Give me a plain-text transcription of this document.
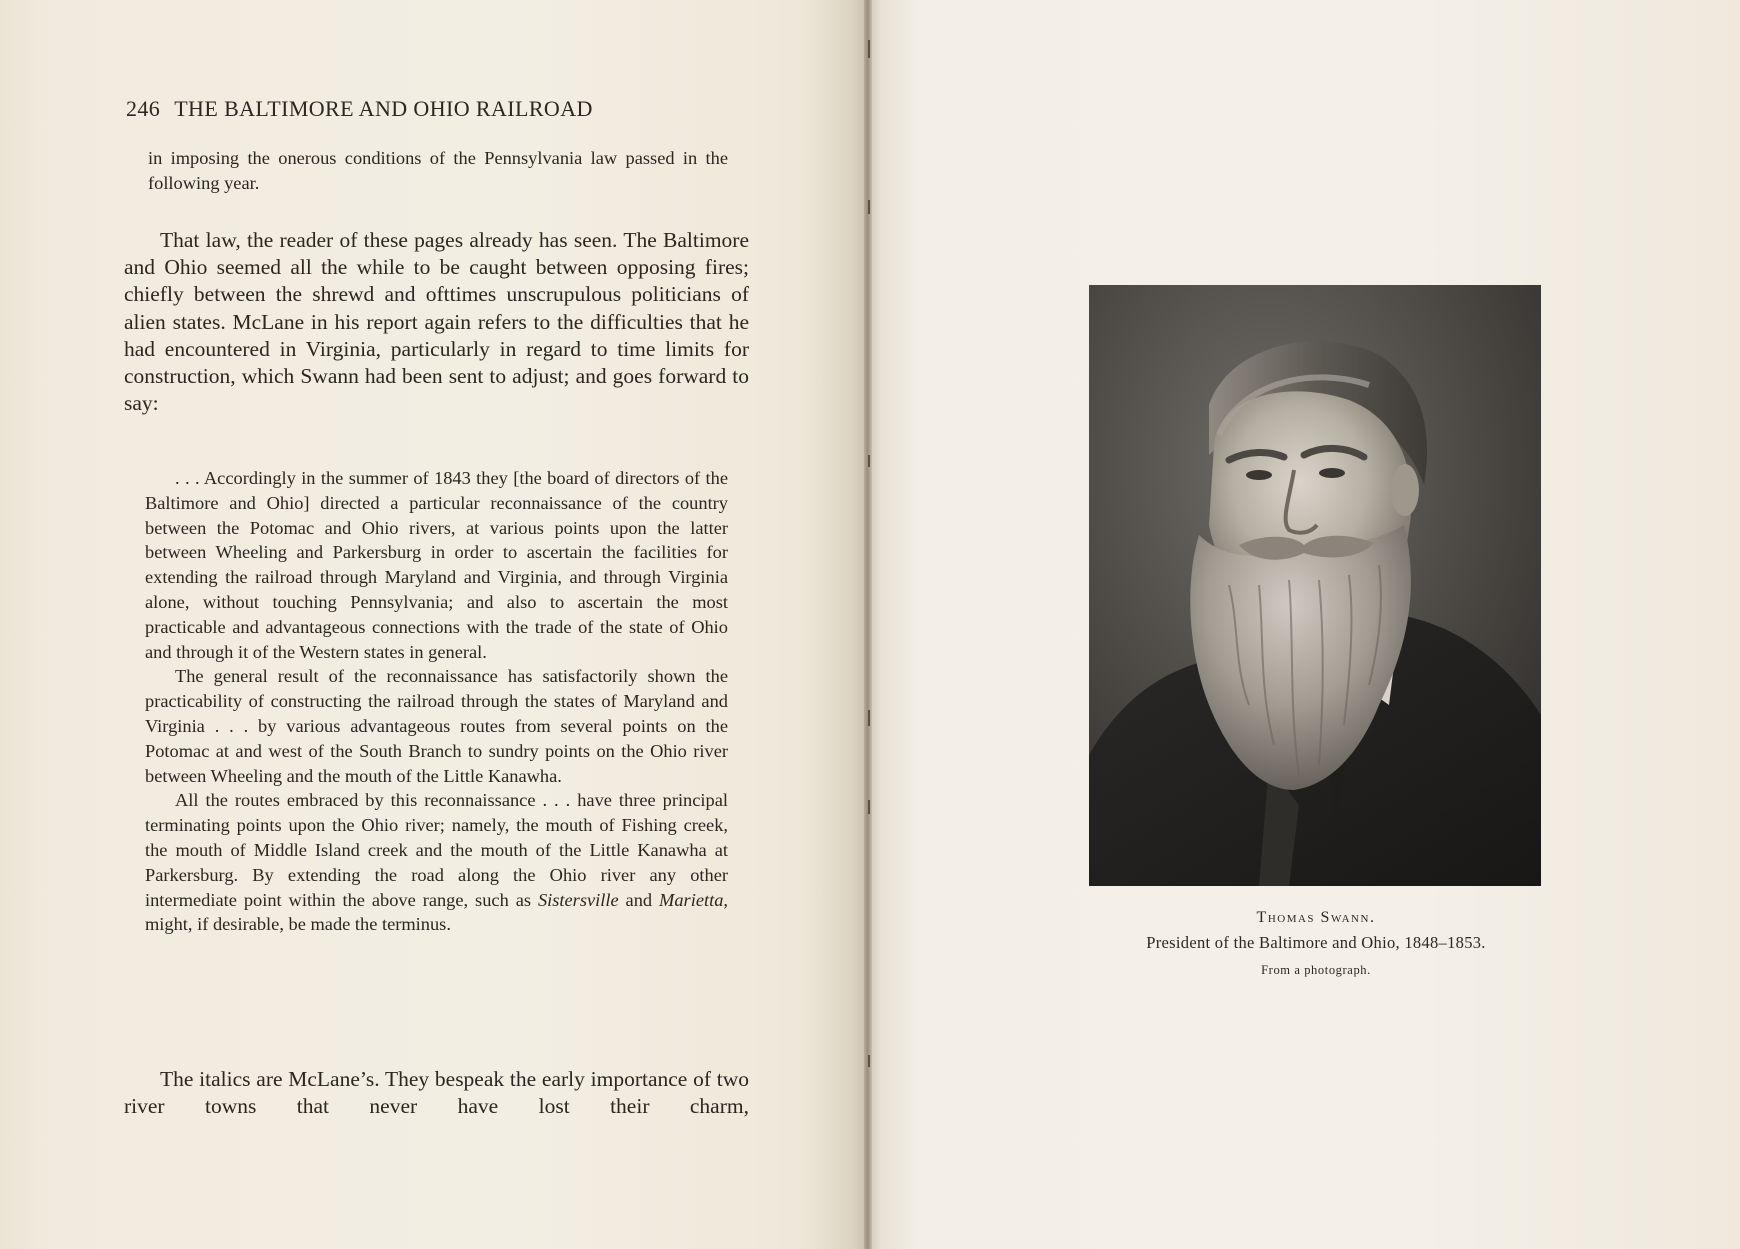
246 THE BALTIMORE AND OHIO RAILROAD
in imposing the onerous conditions of the Pennsylvania law passed in the following year.
That law, the reader of these pages already has seen. The Baltimore and Ohio seemed all the while to be caught between opposing fires; chiefly between the shrewd and ofttimes unscrupulous politicians of alien states. McLane in his report again refers to the difficulties that he had encountered in Virginia, particularly in regard to time limits for construction, which Swann had been sent to adjust; and goes forward to say:

. . . Accordingly in the summer of 1843 they [the board of directors of the Baltimore and Ohio] directed a particular reconnaissance of the country between the Potomac and Ohio rivers, at various points upon the latter between Wheeling and Parkersburg in order to ascertain the facilities for extending the railroad through Maryland and Virginia, and through Virginia alone, without touching Pennsylvania; and also to ascertain the most practicable and advantageous connections with the trade of the state of Ohio and through it of the Western states in general.

The general result of the reconnaissance has satisfactorily shown the practicability of constructing the railroad through the states of Maryland and Virginia . . . by various advantageous routes from several points on the Potomac at and west of the South Branch to sundry points on the Ohio river between Wheeling and the mouth of the Little Kanawha.

All the routes embraced by this reconnaissance . . . have three principal terminating points upon the Ohio river; namely, the mouth of Fishing creek, the mouth of Middle Island creek and the mouth of the Little Kanawha at Parkersburg. By extending the road along the Ohio river any other intermediate point within the above range, such as Sistersville and Marietta, might, if desirable, be made the terminus.

The italics are McLane’s. They bespeak the early importance of two river towns that never have lost their charm,
Thomas Swann.
President of the Baltimore and Ohio, 1848–1853.
From a photograph.
